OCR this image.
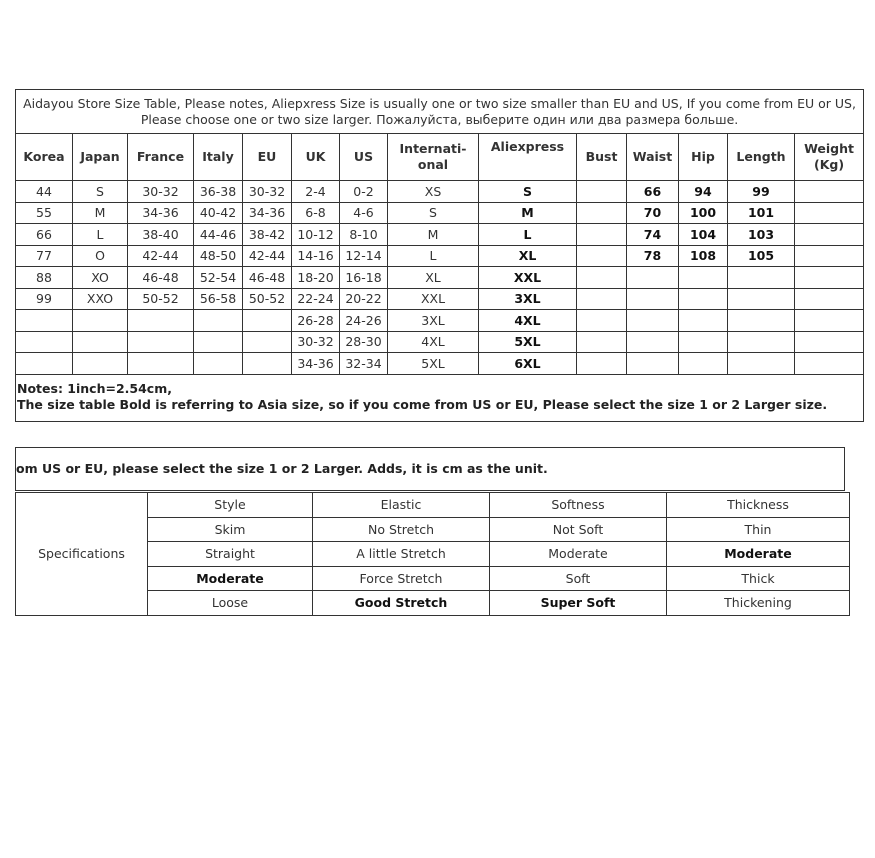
Aidayou Store Size Table, Please notes, Aliepxress Size is usually one or two size smaller than EU and US, If you come from EU or US,
Please choose one or two size larger. Пожалуйста, выберите один или два размера больше.													

Korea	Japan	France	Italy	EU	UK	US	Internati-onal	Aliexpress	Bust	Waist	Hip	Length	Weight (Kg)
44	S	30-32	36-38	30-32	2-4	0-2	XS	S		66	94	99	
55	M	34-36	40-42	34-36	6-8	4-6	S	M		70	100	101	
66	L	38-40	44-46	38-42	10-12	8-10	M	L		74	104	103	
77	O	42-44	48-50	42-44	14-16	12-14	L	XL		78	108	105	
88	XO	46-48	52-54	46-48	18-20	16-18	XL	XXL					
99	XXO	50-52	56-58	50-52	22-24	20-22	XXL	3XL					
					26-28	24-26	3XL	4XL					
					30-32	28-30	4XL	5XL					
					34-36	32-34	5XL	6XL					

Notes: 1inch=2.54cm,
The size table Bold is referring to Asia size, so if you come from US or EU, Please select the size 1 or 2 Larger size.													
om US or EU, please select the size 1 or 2 Larger. Adds, it is cm as the unit.
Specifications	Style	Elastic	Softness	Thickness
	Skim	No Stretch	Not Soft	Thin
	Straight	A little Stretch	Moderate	Moderate
	Moderate	Force Stretch	Soft	Thick
	Loose	Good Stretch	Super Soft	Thickening
